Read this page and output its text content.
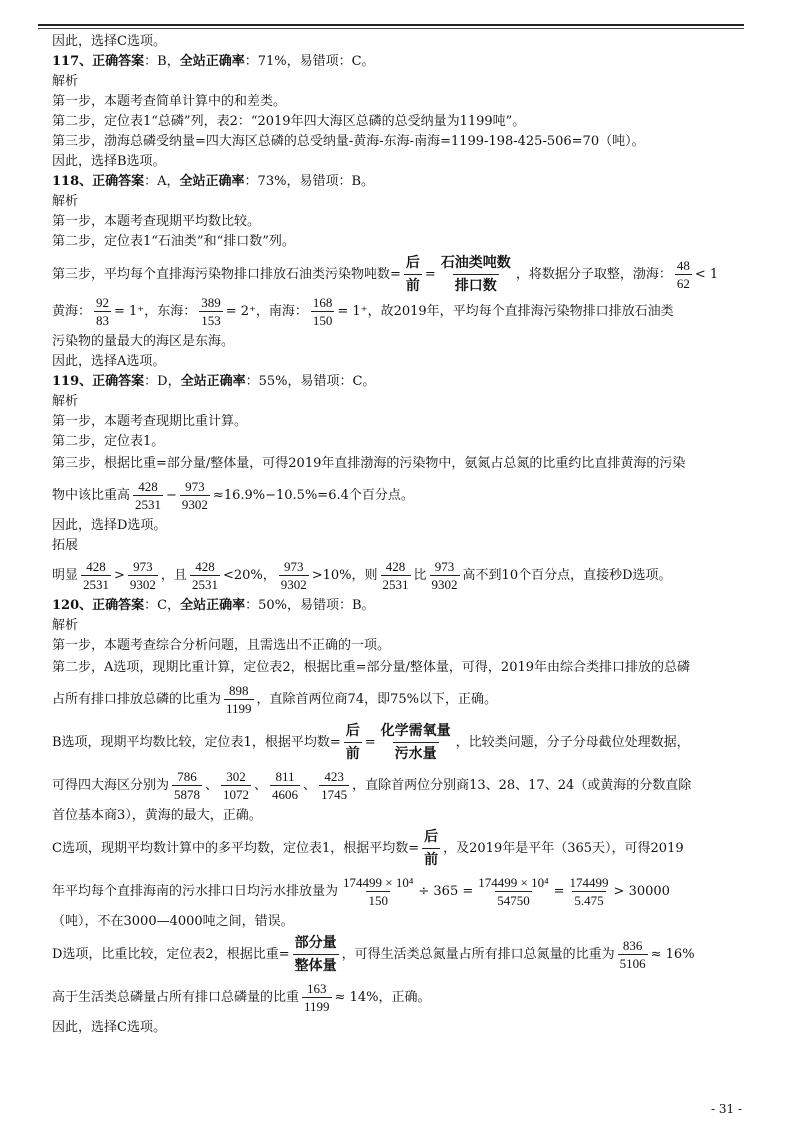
因此，选择C选项。
117、正确答案：B，全站正确率：71%，易错项：C。
解析
第一步，本题考查简单计算中的和差类。
第二步，定位表1“总磷”列，表2：“2019年四大海区总磷的总受纳量为1199吨”。
第三步，渤海总磷受纳量=四大海区总磷的总受纳量-黄海-东海-南海=1199-198-425-506=70（吨）。
因此，选择B选项。
118、正确答案：A，全站正确率：73%，易错项：B。
解析
第一步，本题考查现期平均数比较。
第二步，定位表1“石油类”和“排口数”列。
第三步，平均每个直排海污染物排口排放石油类污染物吨数= $\frac{\text{后}}{\text{前}} = \frac{\text{石油类吨数}}{\text{排口数}}$ ，将数据分子取整，渤海： $\frac{48}{62} < 1$
黄海： $\frac{92}{83} = 1^+$，东海： $\frac{389}{153} = 2^+$，南海： $\frac{168}{150} = 1^+$，故2019年，平均每个直排海污染物排口排放石油类
污染物的量最大的海区是东海。
因此，选择A选项。
119、正确答案：D，全站正确率：55%，易错项：C。
解析
第一步，本题考查现期比重计算。
第二步，定位表1。
第三步，根据比重=部分量/整体量，可得2019年直排渤海的污染物中，氨氮占总氮的比重约比直排黄海的污染
物中该比重高 $\frac{428}{2531} - \frac{973}{9302} \approx 16.9\%-10.5\%=6.4$个百分点。
因此，选择D选项。
拓展
明显 $\frac{428}{2531} > \frac{973}{9302}$ ，且 $\frac{428}{2531} <20\%$， $\frac{973}{9302} >10\%$，则 $\frac{428}{2531}$ 比 $\frac{973}{9302}$ 高不到10个百分点，直接秒D选项。
120、正确答案：C，全站正确率：50%，易错项：B。
解析
第一步，本题考查综合分析问题，且需选出不正确的一项。
第二步，A选项，现期比重计算，定位表2，根据比重=部分量/整体量，可得，2019年由综合类排口排放的总磷
占所有排口排放总磷的比重为 $\frac{898}{1199}$ ，直除首两位商74，即75%以下，正确。
B选项，现期平均数比较，定位表1，根据平均数= $\frac{\text{后}}{\text{前}} = \frac{\text{化学需氧量}}{\text{污水量}}$ ，比较类问题，分子分母截位处理数据，
可得四大海区分别为 $\frac{786}{5878}$ 、 $\frac{302}{1072}$ 、 $\frac{811}{4606}$ 、 $\frac{423}{1745}$ ，直除首两位分别商13、28、17、24（或黄海的分数直除
首位基本商3），黄海的最大，正确。
C选项，现期平均数计算中的多平均数，定位表1，根据平均数= $\frac{\text{后}}{\text{前}}$ ，及2019年是平年（365天），可得2019
年平均每个直排海南的污水排口日均污水排放量为 $\frac{\text{174499 × 10⁴}}{150} \div 365 = \frac{\text{174499 × 10⁴}}{54750} = \frac{174499}{5.475} > 30000$
（吨），不在3000—4000吨之间，错误。
D选项，比重比较，定位表2，根据比重= $\frac{\text{部分量}}{\text{整体量}}$ ，可得生活类总氮量占所有排口总氮量的比重为 $\frac{836}{5106} \approx 16\%$
高于生活类总磷量占所有排口总磷量的比重 $\frac{163}{1199} \approx 14\%$，正确。
因此，选择C选项。
- 31 -
